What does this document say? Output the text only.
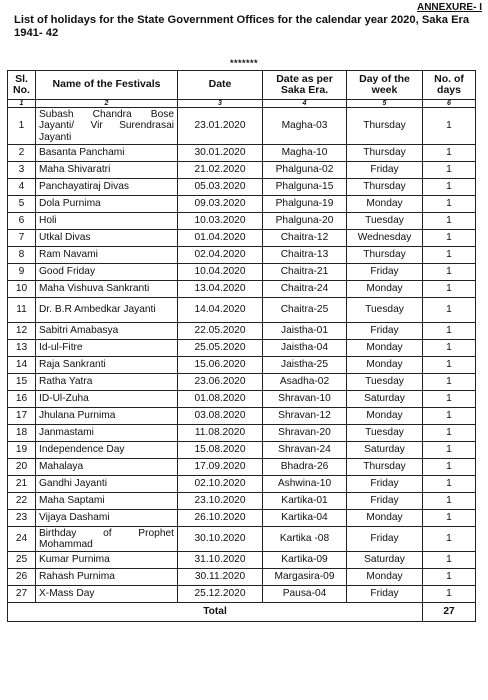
ANNEXURE- I
List of holidays for the State Government Offices for the calendar year 2020, Saka Era 1941- 42
*******
Sl. No.	Name of the Festivals	Date	Date as per Saka Era.	Day of the week	No. of days
1	2	3	4	5	6
1	Subash Chandra Bose Jayanti/ Vir Surendrasai Jayanti	23.01.2020	Magha-03	Thursday	1
2	Basanta Panchami	30.01.2020	Magha-10	Thursday	1
3	Maha Shivaratri	21.02.2020	Phalguna-02	Friday	1
4	Panchayatiraj Divas	05.03.2020	Phalguna-15	Thursday	1
5	Dola Purnima	09.03.2020	Phalguna-19	Monday	1
6	Holi	10.03.2020	Phalguna-20	Tuesday	1
7	Utkal Divas	01.04.2020	Chaitra-12	Wednesday	1
8	Ram Navami	02.04.2020	Chaitra-13	Thursday	1
9	Good Friday	10.04.2020	Chaitra-21	Friday	1
10	Maha Vishuva Sankranti	13.04.2020	Chaitra-24	Monday	1
11	Dr. B.R Ambedkar Jayanti	14.04.2020	Chaitra-25	Tuesday	1
12	Sabitri Amabasya	22.05.2020	Jaistha-01	Friday	1
13	Id-ul-Fitre	25.05.2020	Jaistha-04	Monday	1
14	Raja Sankranti	15.06.2020	Jaistha-25	Monday	1
15	Ratha Yatra	23.06.2020	Asadha-02	Tuesday	1
16	ID-Ul-Zuha	01.08.2020	Shravan-10	Saturday	1
17	Jhulana Purnima	03.08.2020	Shravan-12	Monday	1
18	Janmastami	11.08.2020	Shravan-20	Tuesday	1
19	Independence Day	15.08.2020	Shravan-24	Saturday	1
20	Mahalaya	17.09.2020	Bhadra-26	Thursday	1
21	Gandhi Jayanti	02.10.2020	Ashwina-10	Friday	1
22	Maha Saptami	23.10.2020	Kartika-01	Friday	1
23	Vijaya Dashami	26.10.2020	Kartika-04	Monday	1
24	Birthday of Prophet Mohammad	30.10.2020	Kartika -08	Friday	1
25	Kumar Purnima	31.10.2020	Kartika-09	Saturday	1
26	Rahash Purnima	30.11.2020	Margasira-09	Monday	1
27	X-Mass Day	25.12.2020	Pausa-04	Friday	1
Total					27
